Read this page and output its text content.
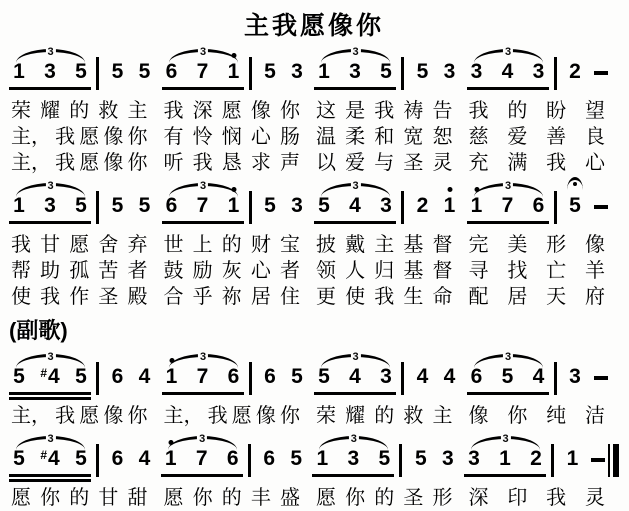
主我愿像你
3
1 3 5	5 5
3
6 7 1	5 3
3
1 3 5	5 3
3
3 4 3	2
荣 耀 的 救 主 我 深 愿 像 你 这 是 我 祷 告 我 的 盼 望
主， 我 愿 像 你 有 怜 悯 心 肠 温 柔 和 宽 恕 慈 爱 善 良
主， 我 愿 像 你 听 我 恳 求 声 以 爱 与 圣 灵 充 满 我 心
3
1 3 5	5 5
3
6 7 1	5 3
3
5 4 3	2 1
3
1 7 6	5
我 甘 愿 舍 弃 世 上 的 财 宝 披 戴 主 基 督 完 美 形 像
帮 助 孤 苦 者 鼓 励 灰 心 者 领 人 归 基 督 寻 找 亡 羊
使 我 作 圣 殿 合 乎 祢 居 住 更 使 我 生 命 配 居 天 府
(副歌)
3
5 #4 5	6 4
3
1 7 6	6 5
3
5 4 3	4 4
3
6 5 4	3
主， 我 愿 像 你 主， 我 愿 像 你 荣 耀 的 救 主 像 你 纯 洁
3
5 #4 5	6 4
3
1 7 6	6 5
3
1 3 5	5 3
3
3 1 2	1
愿 你 的 甘 甜 愿 你 的 丰 盛 愿 你 的 圣 形 深 印 我 灵
